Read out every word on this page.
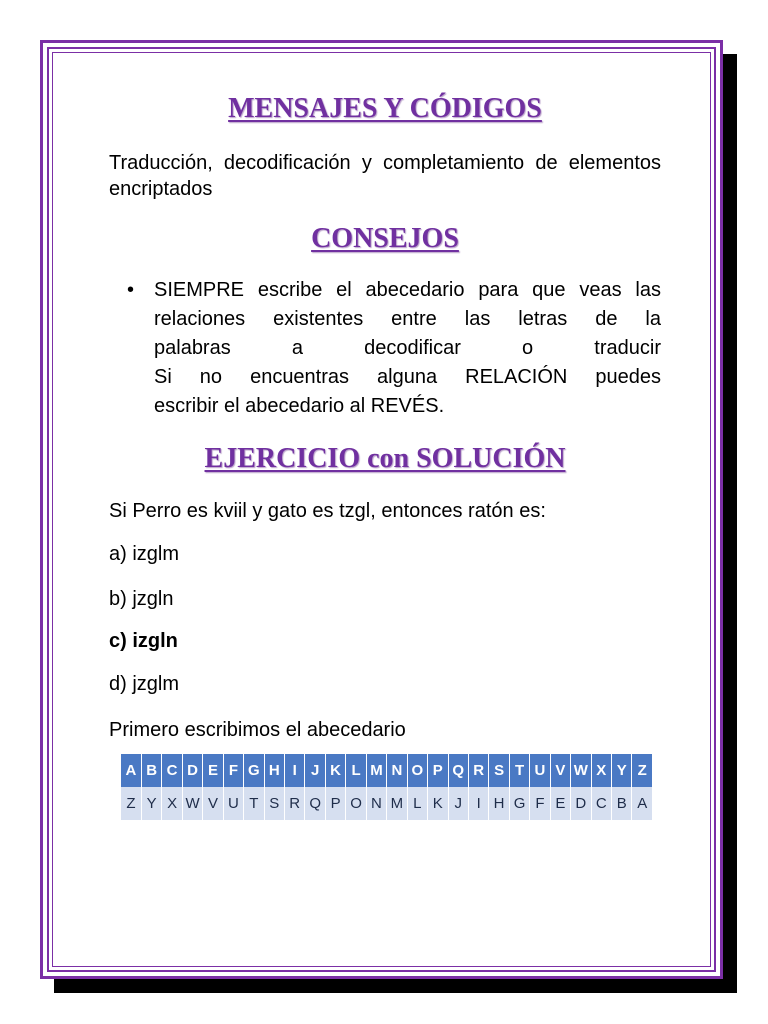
MENSAJES Y CÓDIGOS

Traducción, decodificación y completamiento de elementos encriptados

CONSEJOS
• SIEMPRE escribe el abecedario para que veas las
relaciones existentes entre las letras de la
palabras a decodificar o traducir
Si no encuentras alguna RELACIÓN puedes
escribir el abecedario al REVÉS.
EJERCICIO con SOLUCIÓN

Si Perro es kviil y gato es tzgl, entonces ratón es:

a) izglm

b) jzgln

c) izgln

d) jzglm

Primero escribimos el abecedario

A	B	C	D	E	F	G	H	I	J	K	L	M	N	O	P	Q	R	S	T	U	V	W	X	Y	Z
Z	Y	X	W	V	U	T	S	R	Q	P	O	N	M	L	K	J	I	H	G	F	E	D	C	B	A
